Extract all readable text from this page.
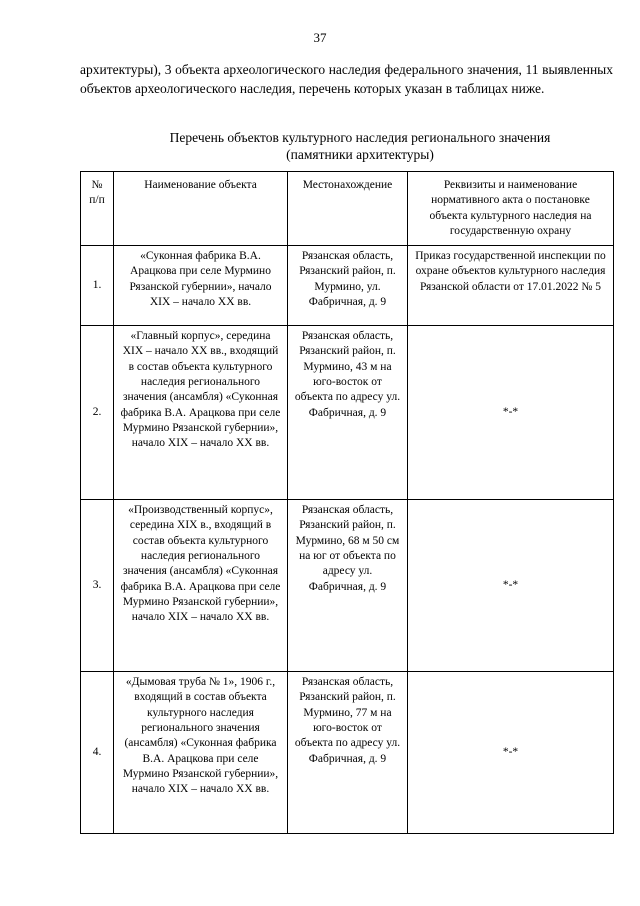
37
архитектуры), 3 объекта археологического наследия федерального значения, 11 выявленных объектов археологического наследия, перечень которых указан в таблицах ниже.
Перечень объектов культурного наследия регионального значения
(памятники архитектуры)
№ п/п	Наименование объекта	Местонахождение	Реквизиты и наименование нормативного акта о постановке объекта культурного наследия на государственную охрану
1.	«Суконная фабрика В.А. Арацкова при селе Мурмино Рязанской губернии», начало XIX – начало XX вв.	Рязанская область, Рязанский район, п. Мурмино, ул. Фабричная, д. 9	Приказ государственной инспекции по охране объектов культурного наследия Рязанской области от 17.01.2022 № 5
2.	«Главный корпус», середина XIX – начало XX вв., входящий в состав объекта культурного наследия регионального значения (ансамбля) «Суконная фабрика В.А. Арацкова при селе Мурмино Рязанской губернии», начало XIX – начало XX вв.	Рязанская область, Рязанский район, п. Мурмино, 43 м на юго-восток от объекта по адресу ул. Фабричная, д. 9	*-*
3.	«Производственный корпус», середина XIX в., входящий в состав объекта культурного наследия регионального значения (ансамбля) «Суконная фабрика В.А. Арацкова при селе Мурмино Рязанской губернии», начало XIX – начало XX вв.	Рязанская область, Рязанский район, п. Мурмино, 68 м 50 см на юг от объекта по адресу ул. Фабричная, д. 9	*-*
4.	«Дымовая труба № 1», 1906 г., входящий в состав объекта культурного наследия регионального значения (ансамбля) «Суконная фабрика В.А. Арацкова при селе Мурмино Рязанской губернии», начало XIX – начало XX вв.	Рязанская область, Рязанский район, п. Мурмино, 77 м на юго-восток от объекта по адресу ул. Фабричная, д. 9	*-*
